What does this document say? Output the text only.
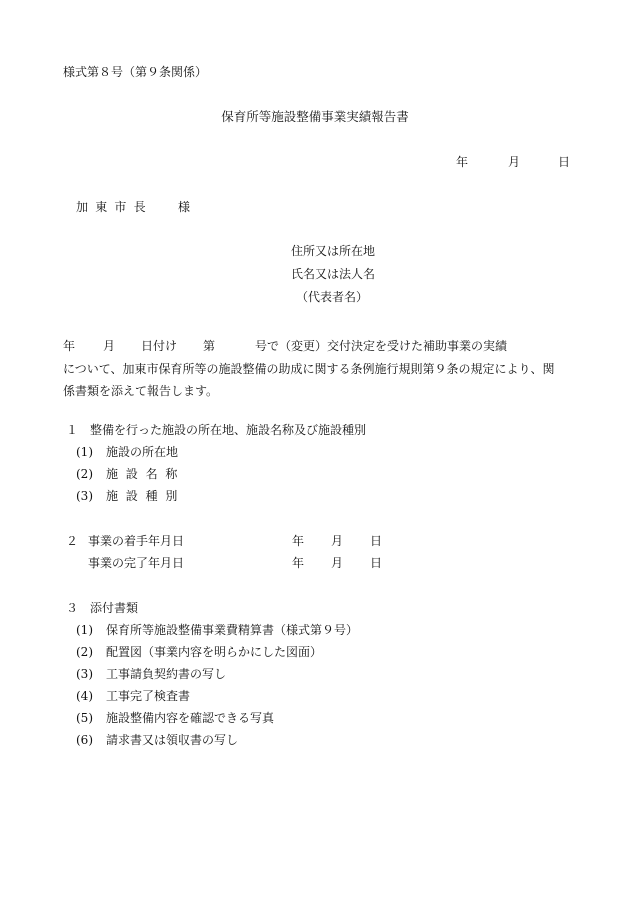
様式第８号（第９条関係）
保育所等施設整備事業実績報告書
年	月	日
加東市長 様
住所又は所在地
氏名又は法人名
（代表者名）
年 月 日付け 第	号で（変更）交付決定を受けた補助事業の実績
について、加東市保育所等の施設整備の助成に関する条例施行規則第９条の規定により、関
係書類を添えて報告します。
１　整備を行った施設の所在地、施設名称及び施設種別
(1) 施設の所在地
(2) 施設名称
(3) 施設種別
２ 事業の着手年月日	年 月 日
事業の完了年月日	年 月 日
３　添付書類
(1) 保育所等施設整備事業費精算書（様式第９号）
(2) 配置図（事業内容を明らかにした図面）
(3) 工事請負契約書の写し
(4) 工事完了検査書
(5) 施設整備内容を確認できる写真
(6) 請求書又は領収書の写し
